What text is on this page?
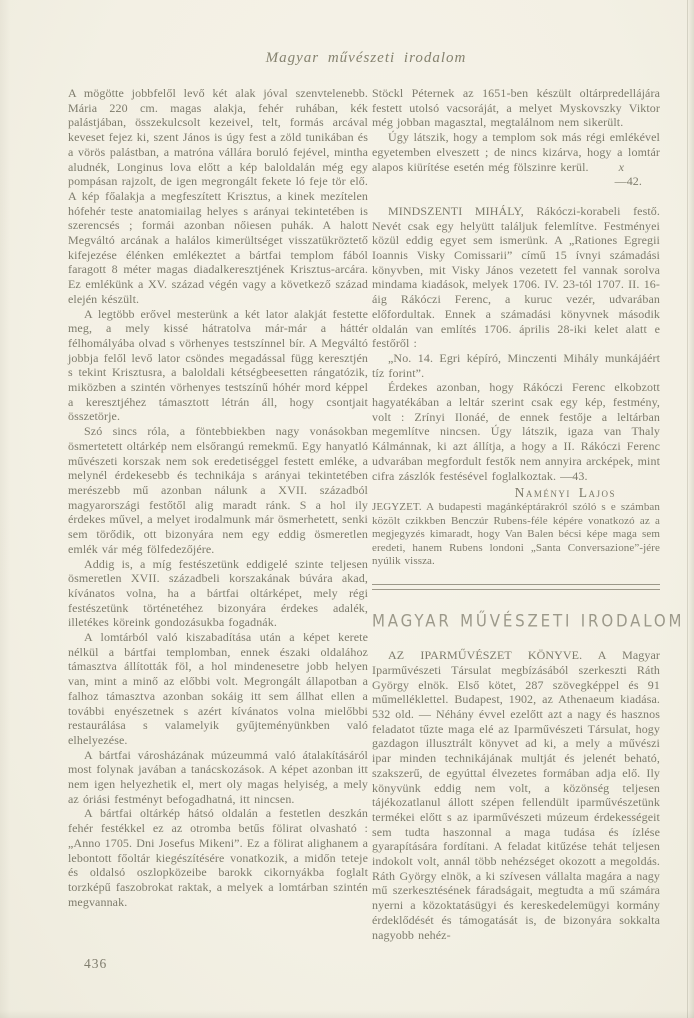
Magyar művészeti irodalom

A mögötte jobbfelől levő két alak jóval szenvtelenebb. Mária 220 cm. magas alakja, fehér ruhában, kék palástjában, összekulcsolt kezeivel, telt, formás arcával keveset fejez ki, szent János is úgy fest a zöld tunikában és a vörös palástban, a matróna vállára boruló fejével, mintha aludnék, Longinus lova előtt a kép baloldalán még egy pompásan rajzolt, de igen megrongált fekete ló feje tör elő. A kép főalakja a megfeszített Krisztus, a kinek mezítelen hófehér teste anatomiailag helyes s arányai tekintetében is szerencsés ; formái azonban nőiesen puhák. A halott Megváltó arcának a halálos kimerültséget visszatükröztető kifejezése élénken emlékeztet a bártfai templom fából faragott 8 méter magas diadalkeresztjének Krisztus-arcára. Ez emlékünk a XV. század végén vagy a következő század elején készült.

A legtöbb erővel mesterünk a két lator alakját festette meg, a mely kissé hátratolva már-már a háttér félhomályába olvad s vörhenyes testszínnel bír. A Megváltó jobbja felől levő lator csöndes megadással függ keresztjén s tekint Krisztusra, a baloldali kétségbeesetten rángatózik, miközben a szintén vörhenyes testszínű hóhér mord képpel a keresztjéhez támasztott létrán áll, hogy csontjait összetörje.

Szó sincs róla, a föntebbiekben nagy vonásokban ösmertetett oltárkép nem elsőrangú remekmű. Egy hanyatló művészeti korszak nem sok eredetiséggel festett emléke, a melynél érdekesebb és technikája s arányai tekintetében merészebb mű azonban nálunk a XVII. századból magyarországi festőtől alig maradt ránk. S a hol ily érdekes művel, a melyet irodalmunk már ösmerhetett, senki sem törődik, ott bizonyára nem egy eddig ösmeretlen emlék vár még fölfedezőjére.

Addig is, a míg festészetünk eddigelé szinte teljesen ösmeretlen XVII. századbeli korszakának búvára akad, kívánatos volna, ha a bártfai oltárképet, mely régi festészetünk történetéhez bizonyára érdekes adalék, illetékes köreink gondozásukba fogadnák.

A lomtárból való kiszabadítása után a képet kerete nélkül a bártfai templomban, ennek északi oldalához támasztva állították föl, a hol mindenesetre jobb helyen van, mint a minő az előbbi volt. Megrongált állapotban a falhoz támasztva azonban sokáig itt sem állhat ellen a további enyészetnek s azért kívánatos volna mielőbbi restaurálása s valamelyik gyűjteményünkben való elhelyezése.

A bártfai városházának múzeummá való átalakításáról most folynak javában a tanácskozások. A képet azonban itt nem igen helyezhetik el, mert oly magas helyiség, a mely az óriási festményt befogadhatná, itt nincsen.

A bártfai oltárkép hátsó oldalán a festetlen deszkán fehér festékkel ez az otromba betűs fölirat olvasható : „Anno 1705. Dni Josefus Mikeni”. Ez a fölirat alighanem a lebontott főoltár kiegészítésére vonatkozik, a midőn teteje és oldalsó oszlopközeibe barokk cikornyákba foglalt torzképű faszobrokat raktak, a melyek a lomtárban szintén megvannak.

Stöckl Péternek az 1651-ben készült oltárpredellájára festett utolsó vacsoráját, a melyet Myskovszky Viktor még jobban magasztal, megtalálnom nem sikerült.

Úgy látszik, hogy a templom sok más régi emlékével egyetemben elveszett ; de nincs kizárva, hogy a lomtár alapos kiürítése esetén még fölszinre kerül.	x
—42.

MINDSZENTI MIHÁLY, Rákóczi-korabeli festő. Nevét csak egy helyütt találjuk felemlítve. Festményei közül eddig egyet sem ismerünk. A „Rationes Egregii Ioannis Visky Comissarii” című 15 ívnyi számadási könyvben, mit Visky János vezetett fel vannak sorolva mindama kiadások, melyek 1706. IV. 23-tól 1707. II. 16-áig Rákóczi Ferenc, a kuruc vezér, udvarában előfordultak. Ennek a számadási könyvnek második oldalán van említés 1706. április 28-iki kelet alatt e festőről :

„No. 14. Egri képíró, Minczenti Mihály munkájáért tíz forint”.

Érdekes azonban, hogy Rákóczi Ferenc elkobzott hagyatékában a leltár szerint csak egy kép, festmény, volt : Zrínyi Ilonáé, de ennek festője a leltárban megemlítve nincsen. Úgy látszik, igaza van Thaly Kálmánnak, ki azt állítja, a hogy a II. Rákóczi Ferenc udvarában megfordult festők nem annyira arcképek, mint cifra zászlók festésével foglalkoztak. —43.

Naményi Lajos

JEGYZET. A budapesti magánképtárakról szóló s e számban közölt czikkben Benczúr Rubens-féle képére vonatkozó az a megjegyzés kimaradt, hogy Van Balen bécsi képe maga sem eredeti, hanem Rubens londoni „Santa Conversazione”-jére nyúlik vissza.

MAGYAR MŰVÉSZETI IRODALOM

AZ IPARMŰVÉSZET KÖNYVE. A Magyar Iparművészeti Társulat megbízásából szerkeszti Ráth György elnök. Első kötet, 287 szövegképpel és 91 műmelléklettel. Budapest, 1902, az Athenaeum kiadása. 532 old. — Néhány évvel ezelőtt azt a nagy és hasznos feladatot tűzte maga elé az Iparművészeti Társulat, hogy gazdagon illusztrált könyvet ad ki, a mely a művészi ipar minden technikájának multját és jelenét beható, szakszerű, de egyúttal élvezetes formában adja elő. Ily könyvünk eddig nem volt, a közönség teljesen tájékozatlanul állott szépen fellendült iparművészetünk termékei előtt s az iparművészeti múzeum érdekességeit sem tudta haszonnal a maga tudása és ízlése gyarapítására fordítani. A feladat kitűzése tehát teljesen indokolt volt, annál több nehézséget okozott a megoldás. Ráth György elnök, a ki szívesen vállalta magára a nagy mű szerkesztésének fáradságait, megtudta a mű számára nyerni a közoktatásügyi és kereskedelemügyi kormány érdeklődését és támogatását is, de bizonyára sokkalta nagyobb nehéz-

436
